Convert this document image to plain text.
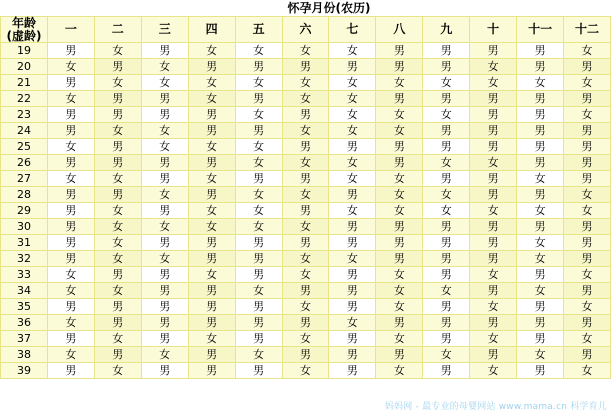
	怀孕月份(农历)											

年龄
(虚龄)	一	二	三	四	五	六	七	八	九	十	十一	十二
19	男	女	男	女	女	女	女	男	男	男	男	女
20	女	男	女	男	男	男	男	男	男	女	男	男
21	男	女	女	女	女	女	女	女	女	女	女	女
22	女	男	男	女	男	女	女	男	男	男	男	男
23	男	男	男	男	女	男	女	女	女	男	男	女
24	男	女	女	男	男	女	女	女	男	男	男	男
25	女	男	女	女	女	男	男	男	男	男	男	男
26	男	男	男	男	女	女	女	男	女	女	男	男
27	女	女	男	女	男	男	女	女	男	男	女	男
28	男	男	女	男	女	女	男	女	女	男	男	女
29	男	女	男	女	女	男	女	女	女	女	女	女
30	男	女	女	女	女	女	男	男	男	男	男	男
31	男	女	男	男	男	男	男	男	男	男	女	男
32	男	女	女	男	男	女	女	男	男	男	女	男
33	女	男	男	女	男	女	男	女	男	女	男	女
34	女	女	男	男	女	男	男	女	女	男	女	男
35	男	男	男	男	男	女	男	女	男	女	男	女
36	女	男	男	男	男	男	女	男	男	男	男	男
37	男	女	男	女	男	女	男	女	男	女	男	女
38	女	男	女	男	女	男	男	男	女	男	女	男
39	男	女	男	男	男	女	男	女	男	女	男	女
妈妈网 - 最专业的母婴网站 www.mama.cn 科学育儿
